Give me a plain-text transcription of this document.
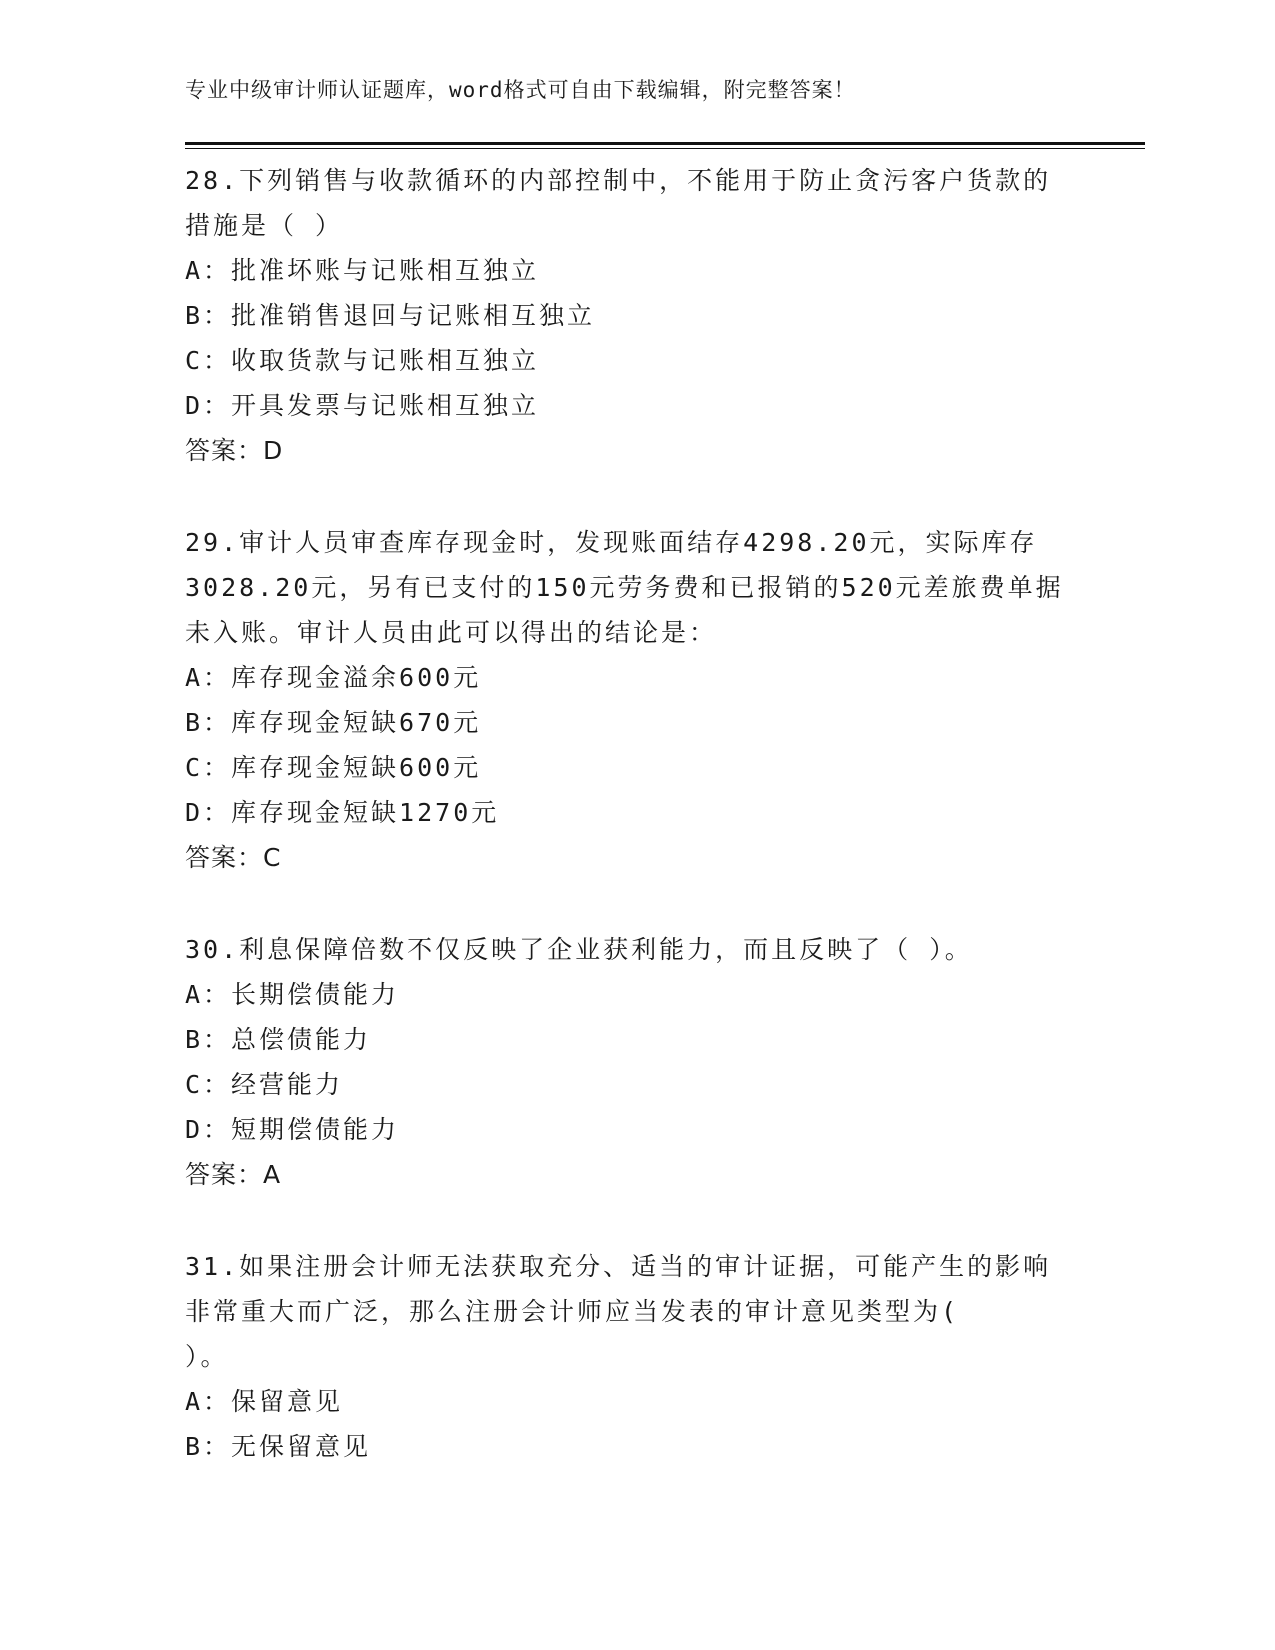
专业中级审计师认证题库，word格式可自由下载编辑，附完整答案！
28.下列销售与收款循环的内部控制中，不能用于防止贪污客户货款的
措施是（ ）
A：批准坏账与记账相互独立
B：批准销售退回与记账相互独立
C：收取货款与记账相互独立
D：开具发票与记账相互独立
答案：D
29.审计人员审查库存现金时，发现账面结存4298.20元，实际库存
3028.20元，另有已支付的150元劳务费和已报销的520元差旅费单据
未入账。审计人员由此可以得出的结论是：
A：库存现金溢余600元
B：库存现金短缺670元
C：库存现金短缺600元
D：库存现金短缺1270元
答案：C
30.利息保障倍数不仅反映了企业获利能力，而且反映了（ ）。
A：长期偿债能力
B：总偿债能力
C：经营能力
D：短期偿债能力
答案：A
31.如果注册会计师无法获取充分、适当的审计证据，可能产生的影响
非常重大而广泛，那么注册会计师应当发表的审计意见类型为(
）。
A：保留意见
B：无保留意见
